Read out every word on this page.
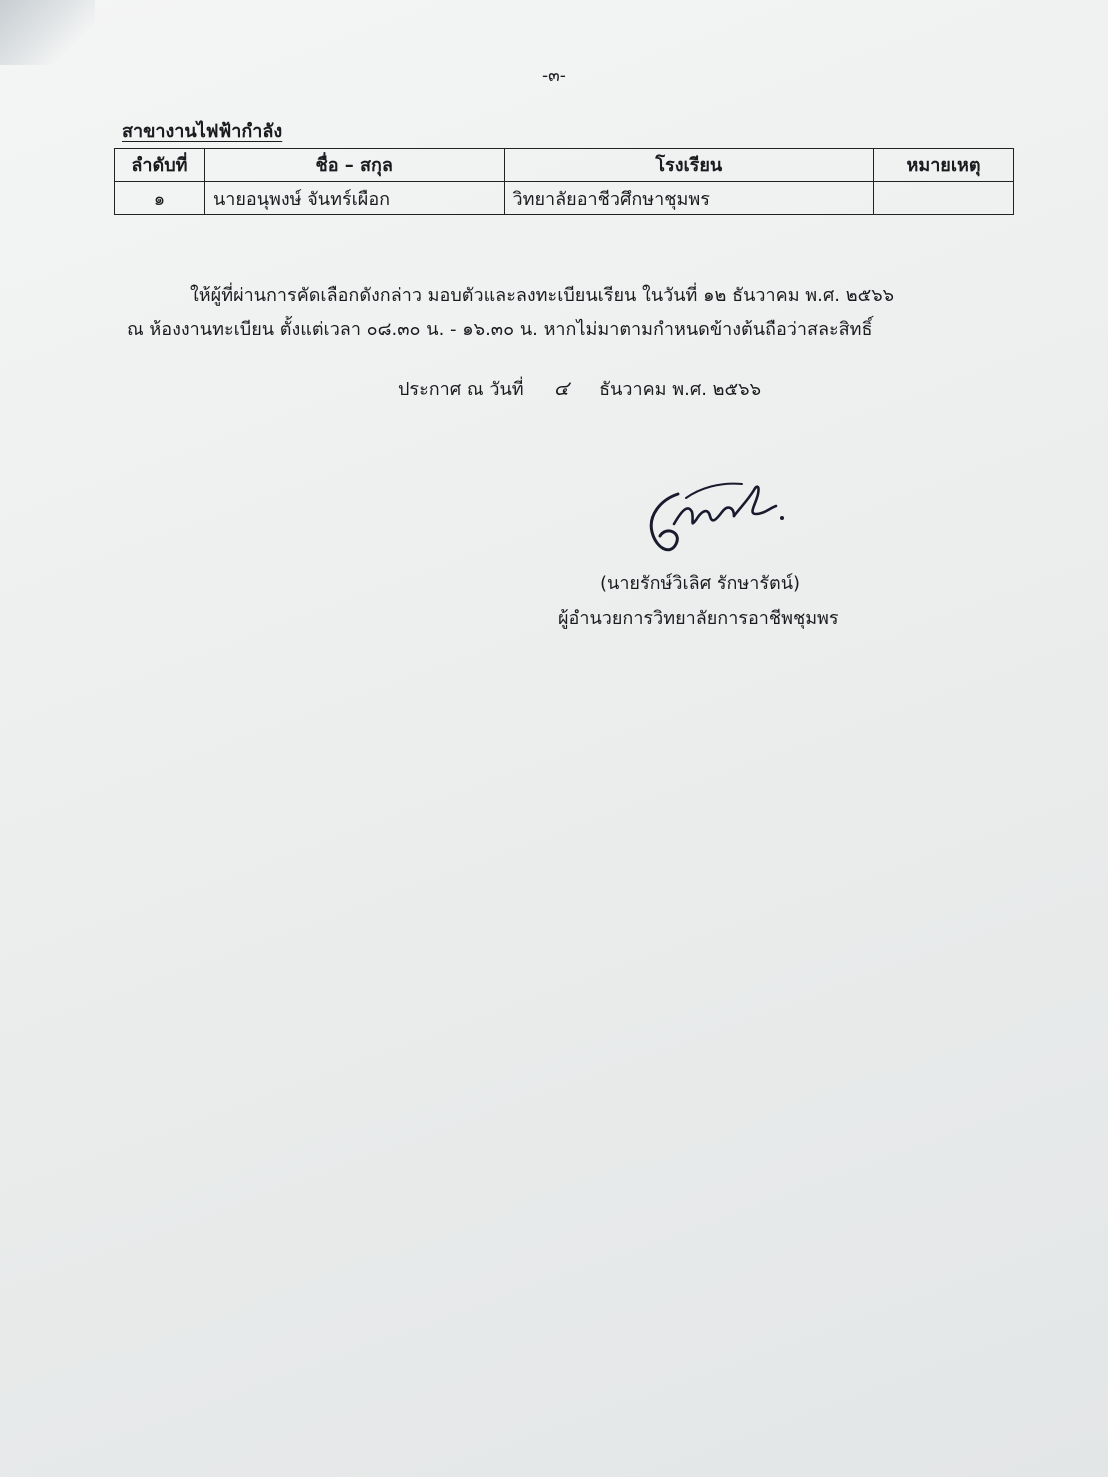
-๓-
สาขางานไฟฟ้ากำลัง
ลำดับที่	ชื่อ – สกุล	โรงเรียน	หมายเหตุ
๑	นายอนุพงษ์ จันทร์เผือก	วิทยาลัยอาชีวศึกษาชุมพร	
ให้ผู้ที่ผ่านการคัดเลือกดังกล่าว มอบตัวและลงทะเบียนเรียน ในวันที่ ๑๒ ธันวาคม พ.ศ. ๒๕๖๖
ณ ห้องงานทะเบียน ตั้งแต่เวลา ๐๘.๓๐ น. - ๑๖.๓๐ น. หากไม่มาตามกำหนดข้างต้นถือว่าสละสิทธิ์
ประกาศ ณ วันที่ ๔ ธันวาคม พ.ศ. ๒๕๖๖
(นายรักษ์วิเลิศ รักษารัตน์)
ผู้อำนวยการวิทยาลัยการอาชีพชุมพร
